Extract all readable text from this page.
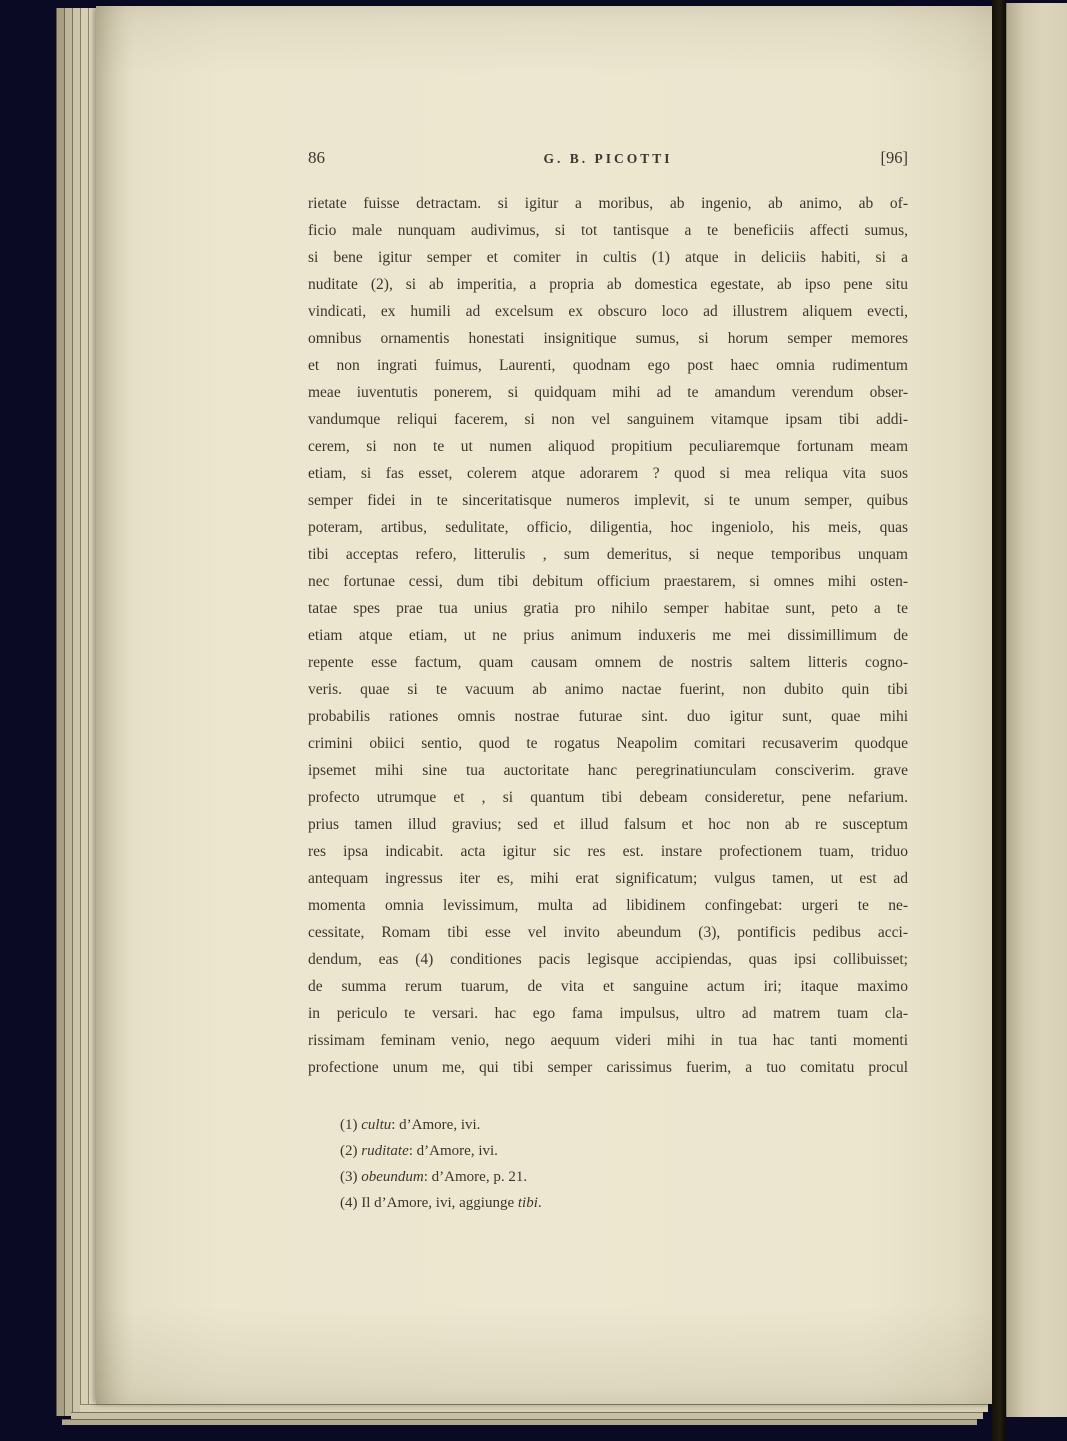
86	G. B. PICOTTI	[96]
rietate fuisse detractam. si igitur a moribus, ab ingenio, ab animo, ab of-
ficio male nunquam audivimus, si tot tantisque a te beneficiis affecti sumus,
si bene igitur semper et comiter in cultis (1) atque in deliciis habiti, si a
nuditate (2), si ab imperitia, a propria ab domestica egestate, ab ipso pene situ
vindicati, ex humili ad excelsum ex obscuro loco ad illustrem aliquem evecti,
omnibus ornamentis honestati insignitique sumus, si horum semper memores
et non ingrati fuimus, Laurenti, quodnam ego post haec omnia rudimentum
meae iuventutis ponerem, si quidquam mihi ad te amandum verendum obser-
vandumque reliqui facerem, si non vel sanguinem vitamque ipsam tibi addi-
cerem, si non te ut numen aliquod propitium peculiaremque fortunam meam
etiam, si fas esset, colerem atque adorarem ? quod si mea reliqua vita suos
semper fidei in te sinceritatisque numeros implevit, si te unum semper, quibus
poteram, artibus, sedulitate, officio, diligentia, hoc ingeniolo, his meis, quas
tibi acceptas refero, litterulis , sum demeritus, si neque temporibus unquam
nec fortunae cessi, dum tibi debitum officium praestarem, si omnes mihi osten-
tatae spes prae tua unius gratia pro nihilo semper habitae sunt, peto a te
etiam atque etiam, ut ne prius animum induxeris me mei dissimillimum de
repente esse factum, quam causam omnem de nostris saltem litteris cogno-
veris. quae si te vacuum ab animo nactae fuerint, non dubito quin tibi
probabilis rationes omnis nostrae futurae sint. duo igitur sunt, quae mihi
crimini obiici sentio, quod te rogatus Neapolim comitari recusaverim quodque
ipsemet mihi sine tua auctoritate hanc peregrinatiunculam consciverim. grave
profecto utrumque et , si quantum tibi debeam consideretur, pene nefarium.
prius tamen illud gravius; sed et illud falsum et hoc non ab re susceptum
res ipsa indicabit. acta igitur sic res est. instare profectionem tuam, triduo
antequam ingressus iter es, mihi erat significatum; vulgus tamen, ut est ad
momenta omnia levissimum, multa ad libidinem confingebat: urgeri te ne-
cessitate, Romam tibi esse vel invito abeundum (3), pontificis pedibus acci-
dendum, eas (4) conditiones pacis legisque accipiendas, quas ipsi collibuisset;
de summa rerum tuarum, de vita et sanguine actum iri; itaque maximo
in periculo te versari. hac ego fama impulsus, ultro ad matrem tuam cla-
rissimam feminam venio, nego aequum videri mihi in tua hac tanti momenti
profectione unum me, qui tibi semper carissimus fuerim, a tuo comitatu procul
(1) cultu: d’Amore, ivi.
(2) ruditate: d’Amore, ivi.
(3) obeundum: d’Amore, p. 21.
(4) Il d’Amore, ivi, aggiunge tibi.
